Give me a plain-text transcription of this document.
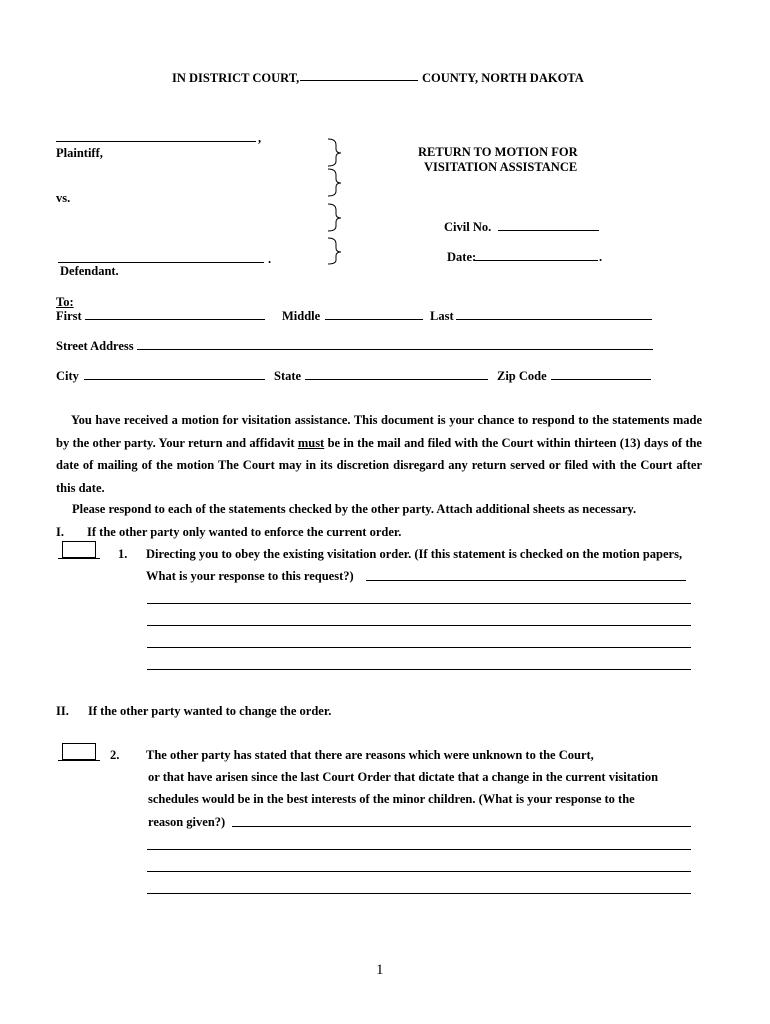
IN DISTRICT COURT,	COUNTY, NORTH DAKOTA
,
Plaintiff,
vs.
.
Defendant.
RETURN TO MOTION FOR
VISITATION ASSISTANCE
Civil No.
Date:	.
To:
First	Middle	Last
Street Address
City	State	Zip Code
You have received a motion for visitation assistance. This document is your chance to respond to the statements made by the other party. Your return and affidavit must be in the mail and filed with the Court within thirteen (13) days of the date of mailing of the motion The Court may in its discretion disregard any return served or filed with the Court after this date.
Please respond to each of the statements checked by the other party. Attach additional sheets as necessary.
I. If the other party only wanted to enforce the current order.
1. Directing you to obey the existing visitation order. (If this statement is checked on the motion papers,
What is your response to this request?)
II. If the other party wanted to change the order.
2. The other party has stated that there are reasons which were unknown to the Court,
or that have arisen since the last Court Order that dictate that a change in the current visitation
schedules would be in the best interests of the minor children. (What is your response to the
reason given?)
1
